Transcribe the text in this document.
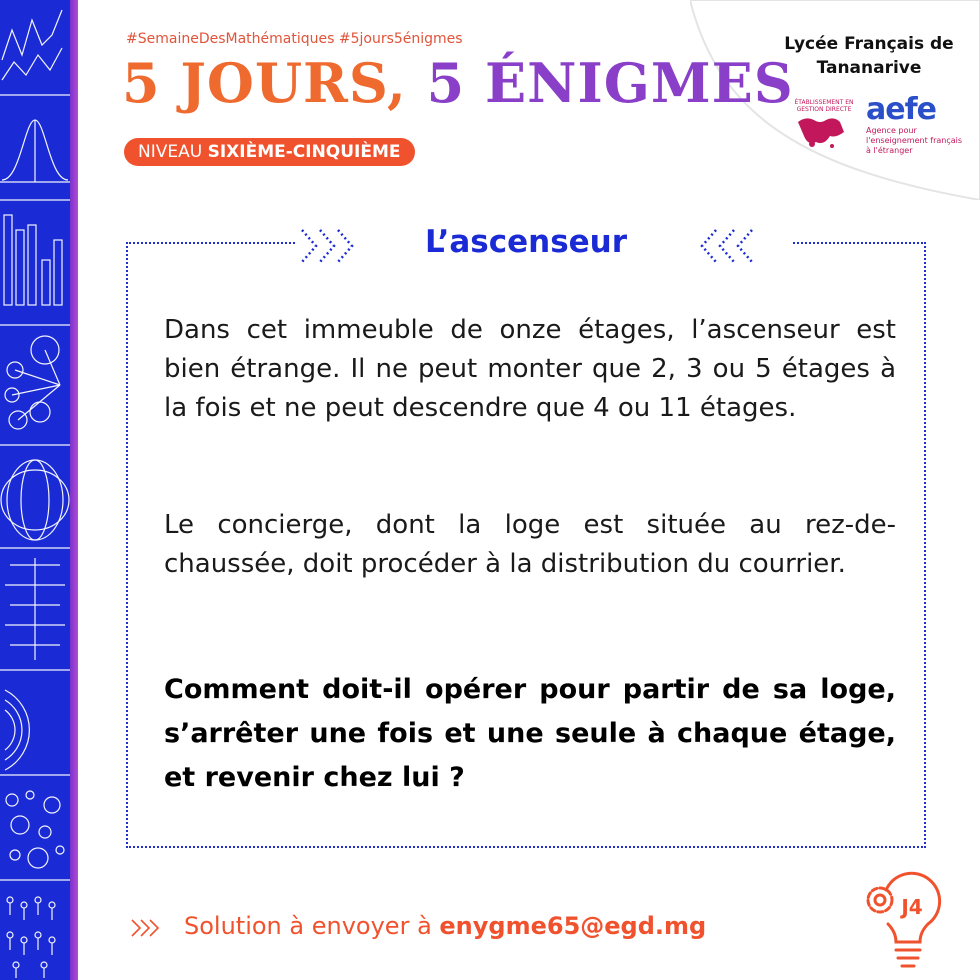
#SemaineDesMathématiques #5jours5énigmes
5 JOURS, 5 ÉNIGMES
NIVEAU SIXIÈME-CINQUIÈME
Lycée Français de
Tananarive
ÉTABLISSEMENT EN GESTION DIRECTE aefe
Agence pour l'enseignement français à l'étranger
L’ascenseur
Dans cet immeuble de onze étages, l’ascenseur est bien étrange. Il ne peut monter que 2, 3 ou 5 étages à la fois et ne peut descendre que 4 ou 11 étages.
Le concierge, dont la loge est située au rez-de-chaussée, doit procéder à la distribution du courrier.
Comment doit-il opérer pour partir de sa loge, s’arrêter une fois et une seule à chaque étage, et revenir chez lui ?
Solution à envoyer à enygme65@egd.mg
J4
